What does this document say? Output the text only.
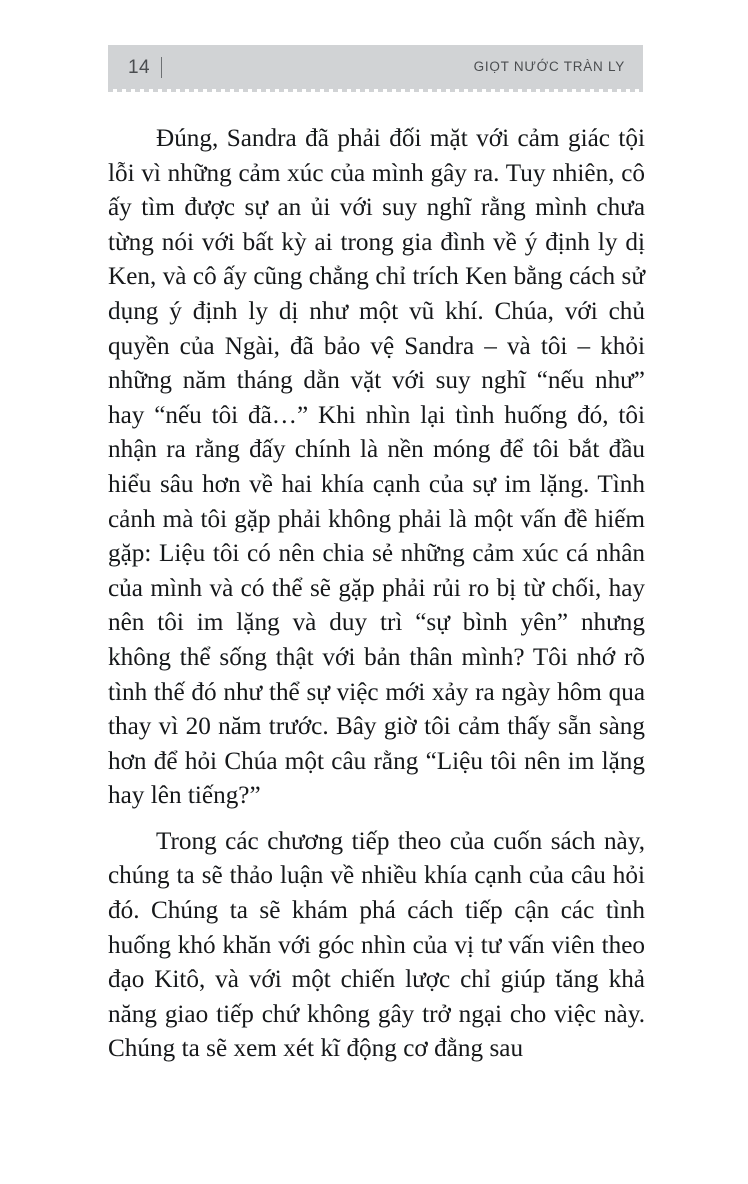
14	GIỌT NƯỚC TRÀN LY

Đúng, Sandra đã phải đối mặt với cảm giác tội lỗi vì những cảm xúc của mình gây ra. Tuy nhiên, cô ấy tìm được sự an ủi với suy nghĩ rằng mình chưa từng nói với bất kỳ ai trong gia đình về ý định ly dị Ken, và cô ấy cũng chẳng chỉ trích Ken bằng cách sử dụng ý định ly dị như một vũ khí. Chúa, với chủ quyền của Ngài, đã bảo vệ Sandra – và tôi – khỏi những năm tháng dằn vặt với suy nghĩ “nếu như” hay “nếu tôi đã…” Khi nhìn lại tình huống đó, tôi nhận ra rằng đấy chính là nền móng để tôi bắt đầu hiểu sâu hơn về hai khía cạnh của sự im lặng. Tình cảnh mà tôi gặp phải không phải là một vấn đề hiếm gặp: Liệu tôi có nên chia sẻ những cảm xúc cá nhân của mình và có thể sẽ gặp phải rủi ro bị từ chối, hay nên tôi im lặng và duy trì “sự bình yên” nhưng không thể sống thật với bản thân mình? Tôi nhớ rõ tình thế đó như thể sự việc mới xảy ra ngày hôm qua thay vì 20 năm trước. Bây giờ tôi cảm thấy sẵn sàng hơn để hỏi Chúa một câu rằng “Liệu tôi nên im lặng hay lên tiếng?”

Trong các chương tiếp theo của cuốn sách này, chúng ta sẽ thảo luận về nhiều khía cạnh của câu hỏi đó. Chúng ta sẽ khám phá cách tiếp cận các tình huống khó khăn với góc nhìn của vị tư vấn viên theo đạo Kitô, và với một chiến lược chỉ giúp tăng khả năng giao tiếp chứ không gây trở ngại cho việc này. Chúng ta sẽ xem xét kĩ động cơ đằng sau
